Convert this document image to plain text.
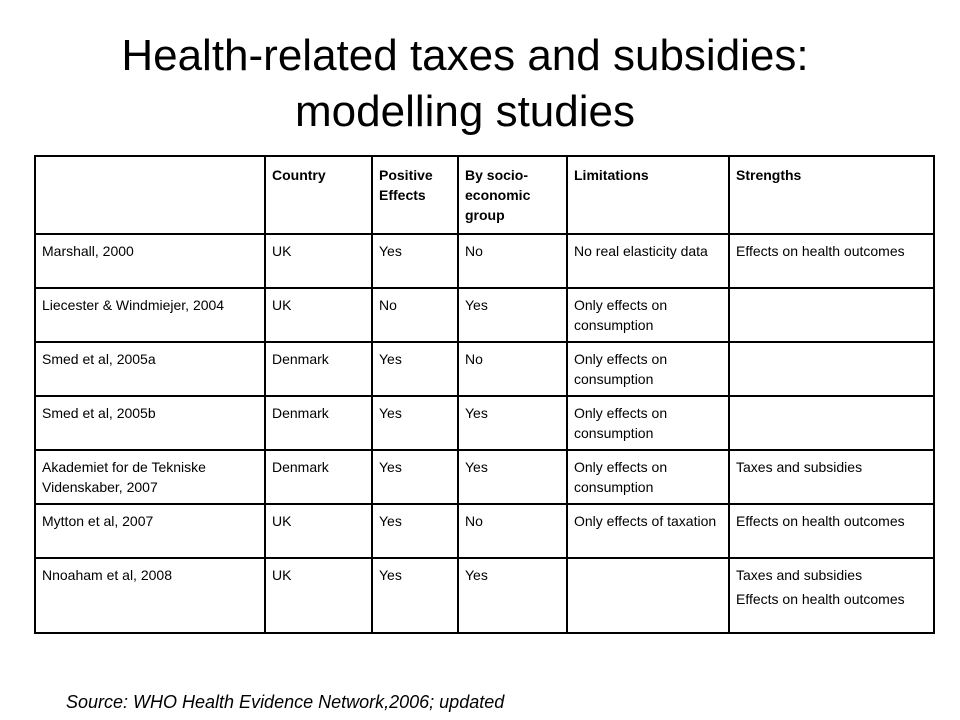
Health-related taxes and subsidies:
modelling studies
	Country	Positive Effects	By socio-economic group	Limitations	Strengths
Marshall, 2000	UK	Yes	No	No real elasticity data	Effects on health outcomes

Liecester & Windmiejer, 2004	UK	No	Yes	Only effects on consumption	
Smed et al, 2005a	Denmark	Yes	No	Only effects on consumption	
Smed et al, 2005b	Denmark	Yes	Yes	Only effects on consumption	
Akademiet for de Tekniske Videnskaber, 2007	Denmark	Yes	Yes	Only effects on consumption	Taxes and subsidies

Mytton et al, 2007	UK	Yes	No	Only effects of taxation	Effects on health outcomes

Nnoaham et al, 2008	UK	Yes	Yes		Taxes and subsidies
Effects on health outcomes
Source: WHO Health Evidence Network,2006; updated
